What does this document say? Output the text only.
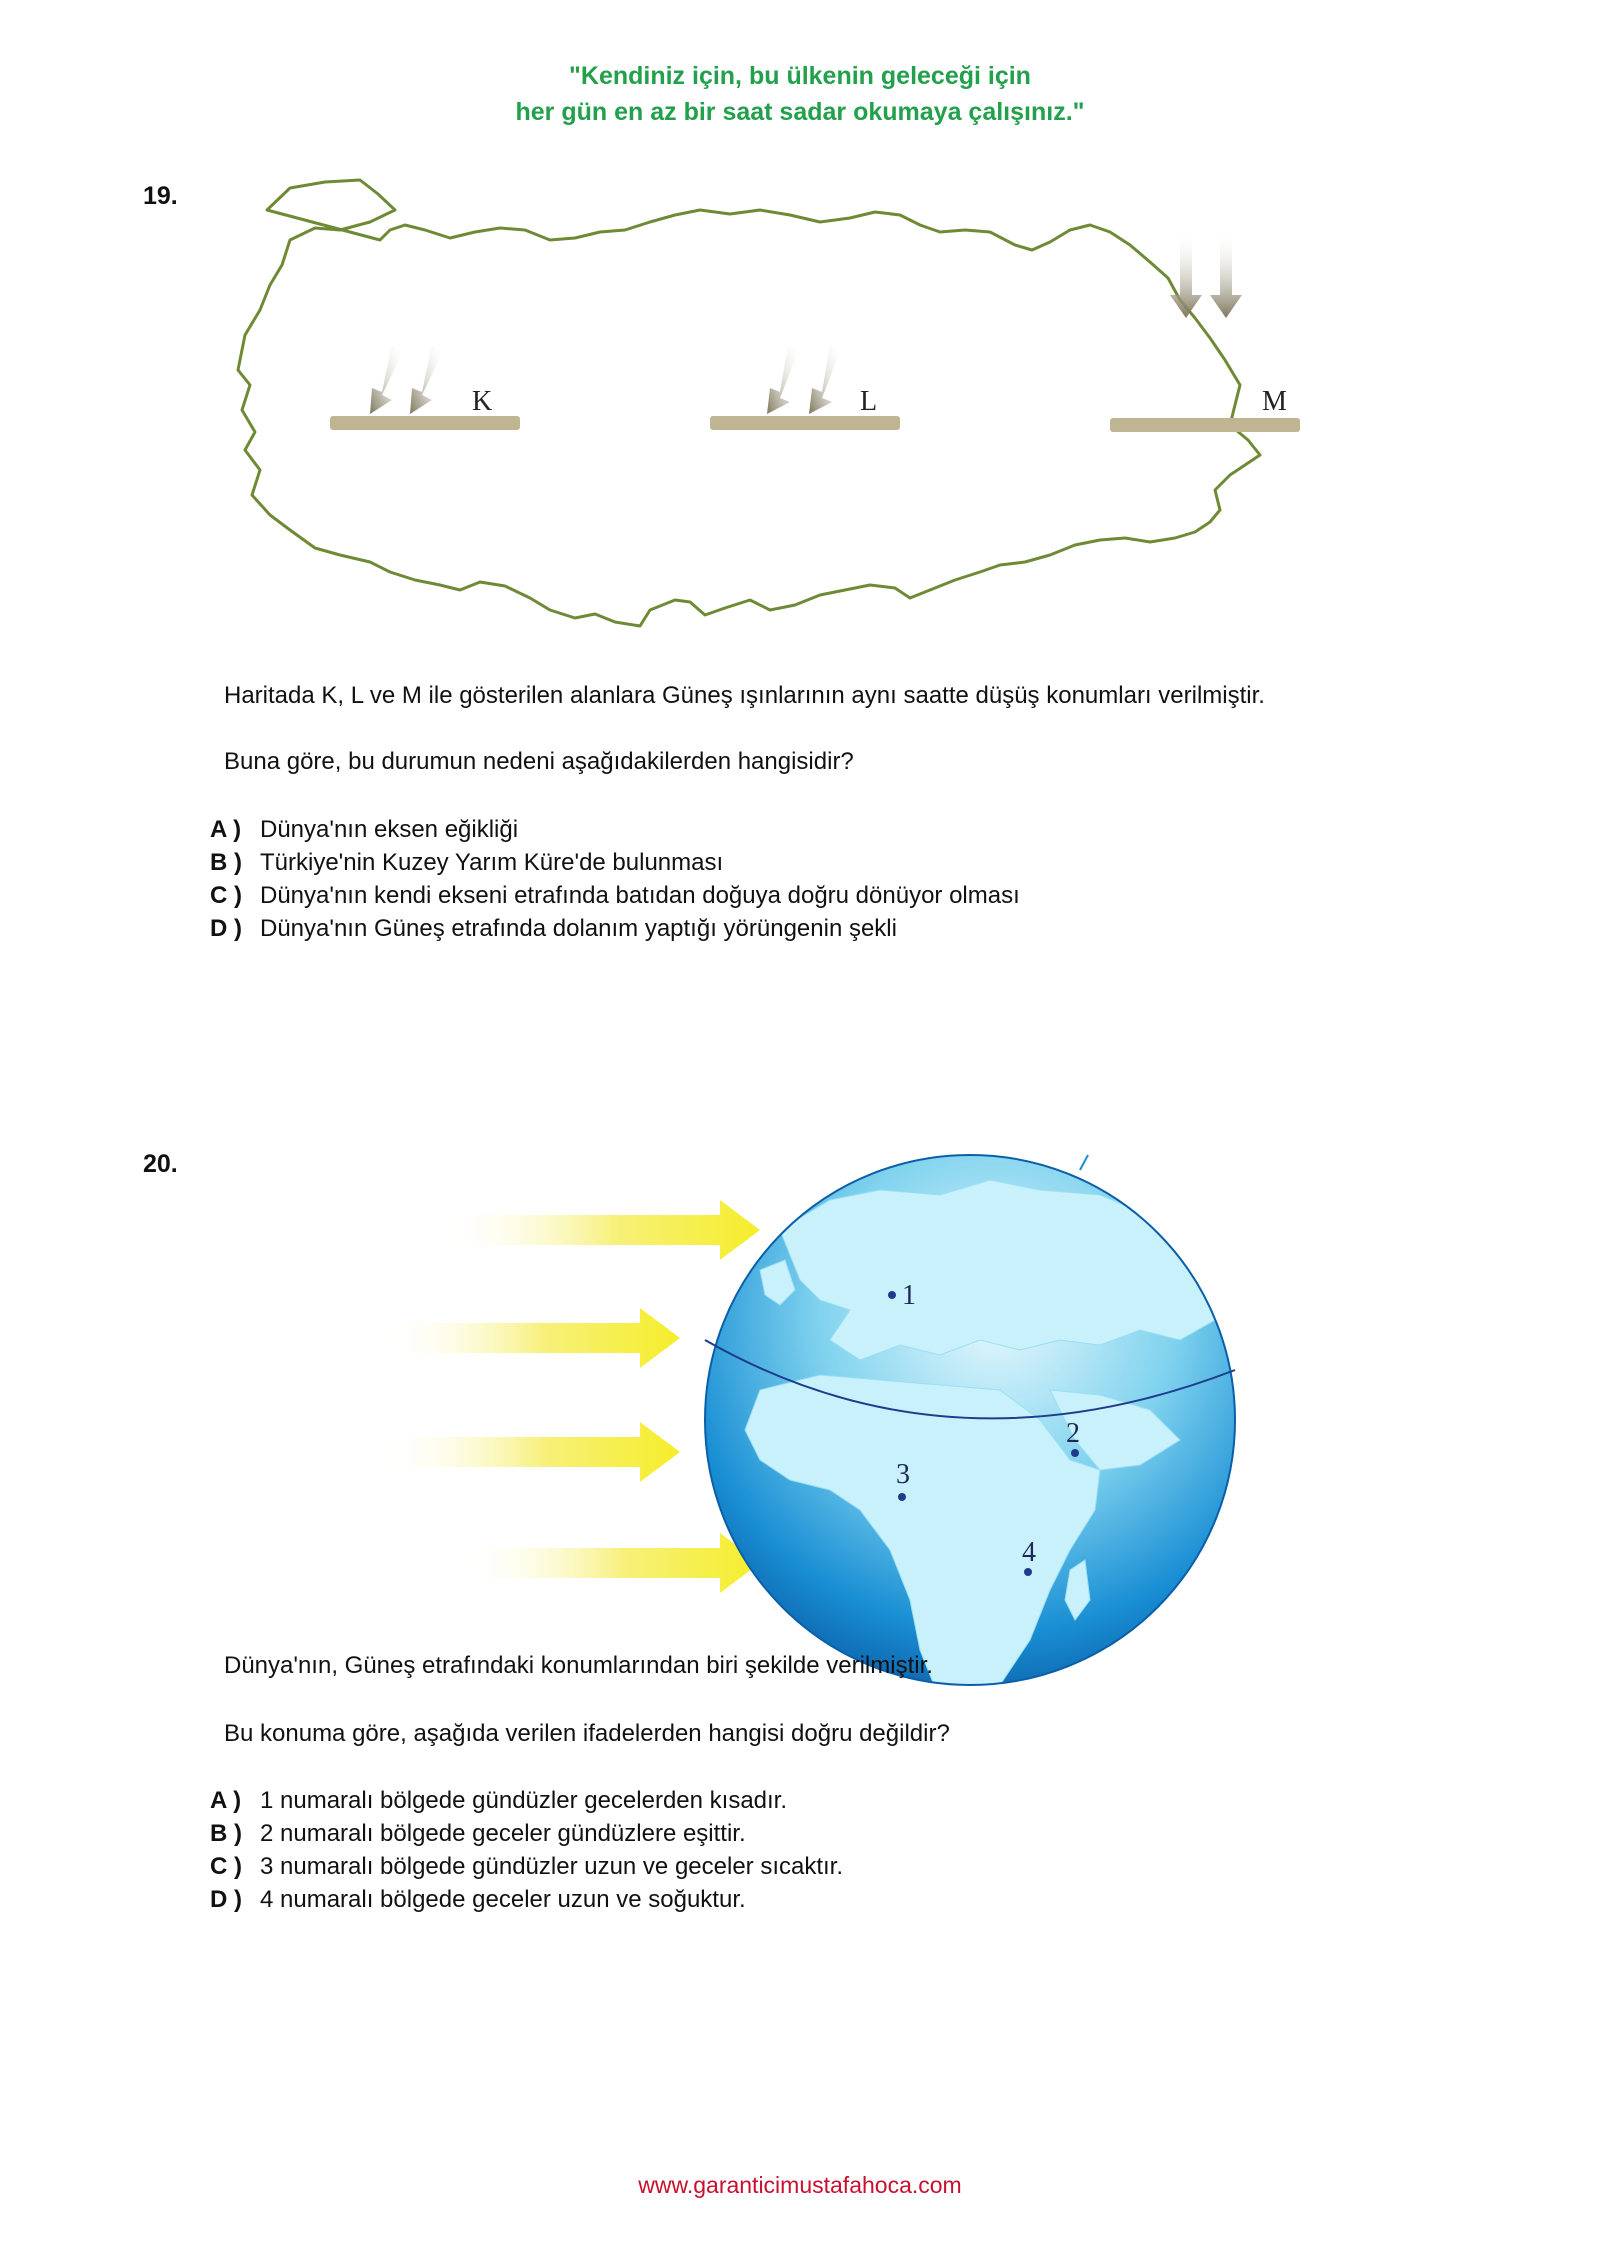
"Kendiniz için, bu ülkenin geleceği için
her gün en az bir saat sadar okumaya çalışınız."
19.
K	L	M
Haritada K, L ve M ile gösterilen alanlara Güneş ışınlarının aynı saatte düşüş konumları verilmiştir.
Buna göre, bu durumun nedeni aşağıdakilerden hangisidir?
A ) Dünya'nın eksen eğikliği
B ) Türkiye'nin Kuzey Yarım Küre'de bulunması
C ) Dünya'nın kendi ekseni etrafında batıdan doğuya doğru dönüyor olması
D ) Dünya'nın Güneş etrafında dolanım yaptığı yörüngenin şekli
20.
1
2
3
4
Dünya'nın, Güneş etrafındaki konumlarından biri şekilde verilmiştir.
Bu konuma göre, aşağıda verilen ifadelerden hangisi doğru değildir?
A ) 1 numaralı bölgede gündüzler gecelerden kısadır.
B ) 2 numaralı bölgede geceler gündüzlere eşittir.
C ) 3 numaralı bölgede gündüzler uzun ve geceler sıcaktır.
D ) 4 numaralı bölgede geceler uzun ve soğuktur.
www.garanticimustafahoca.com
